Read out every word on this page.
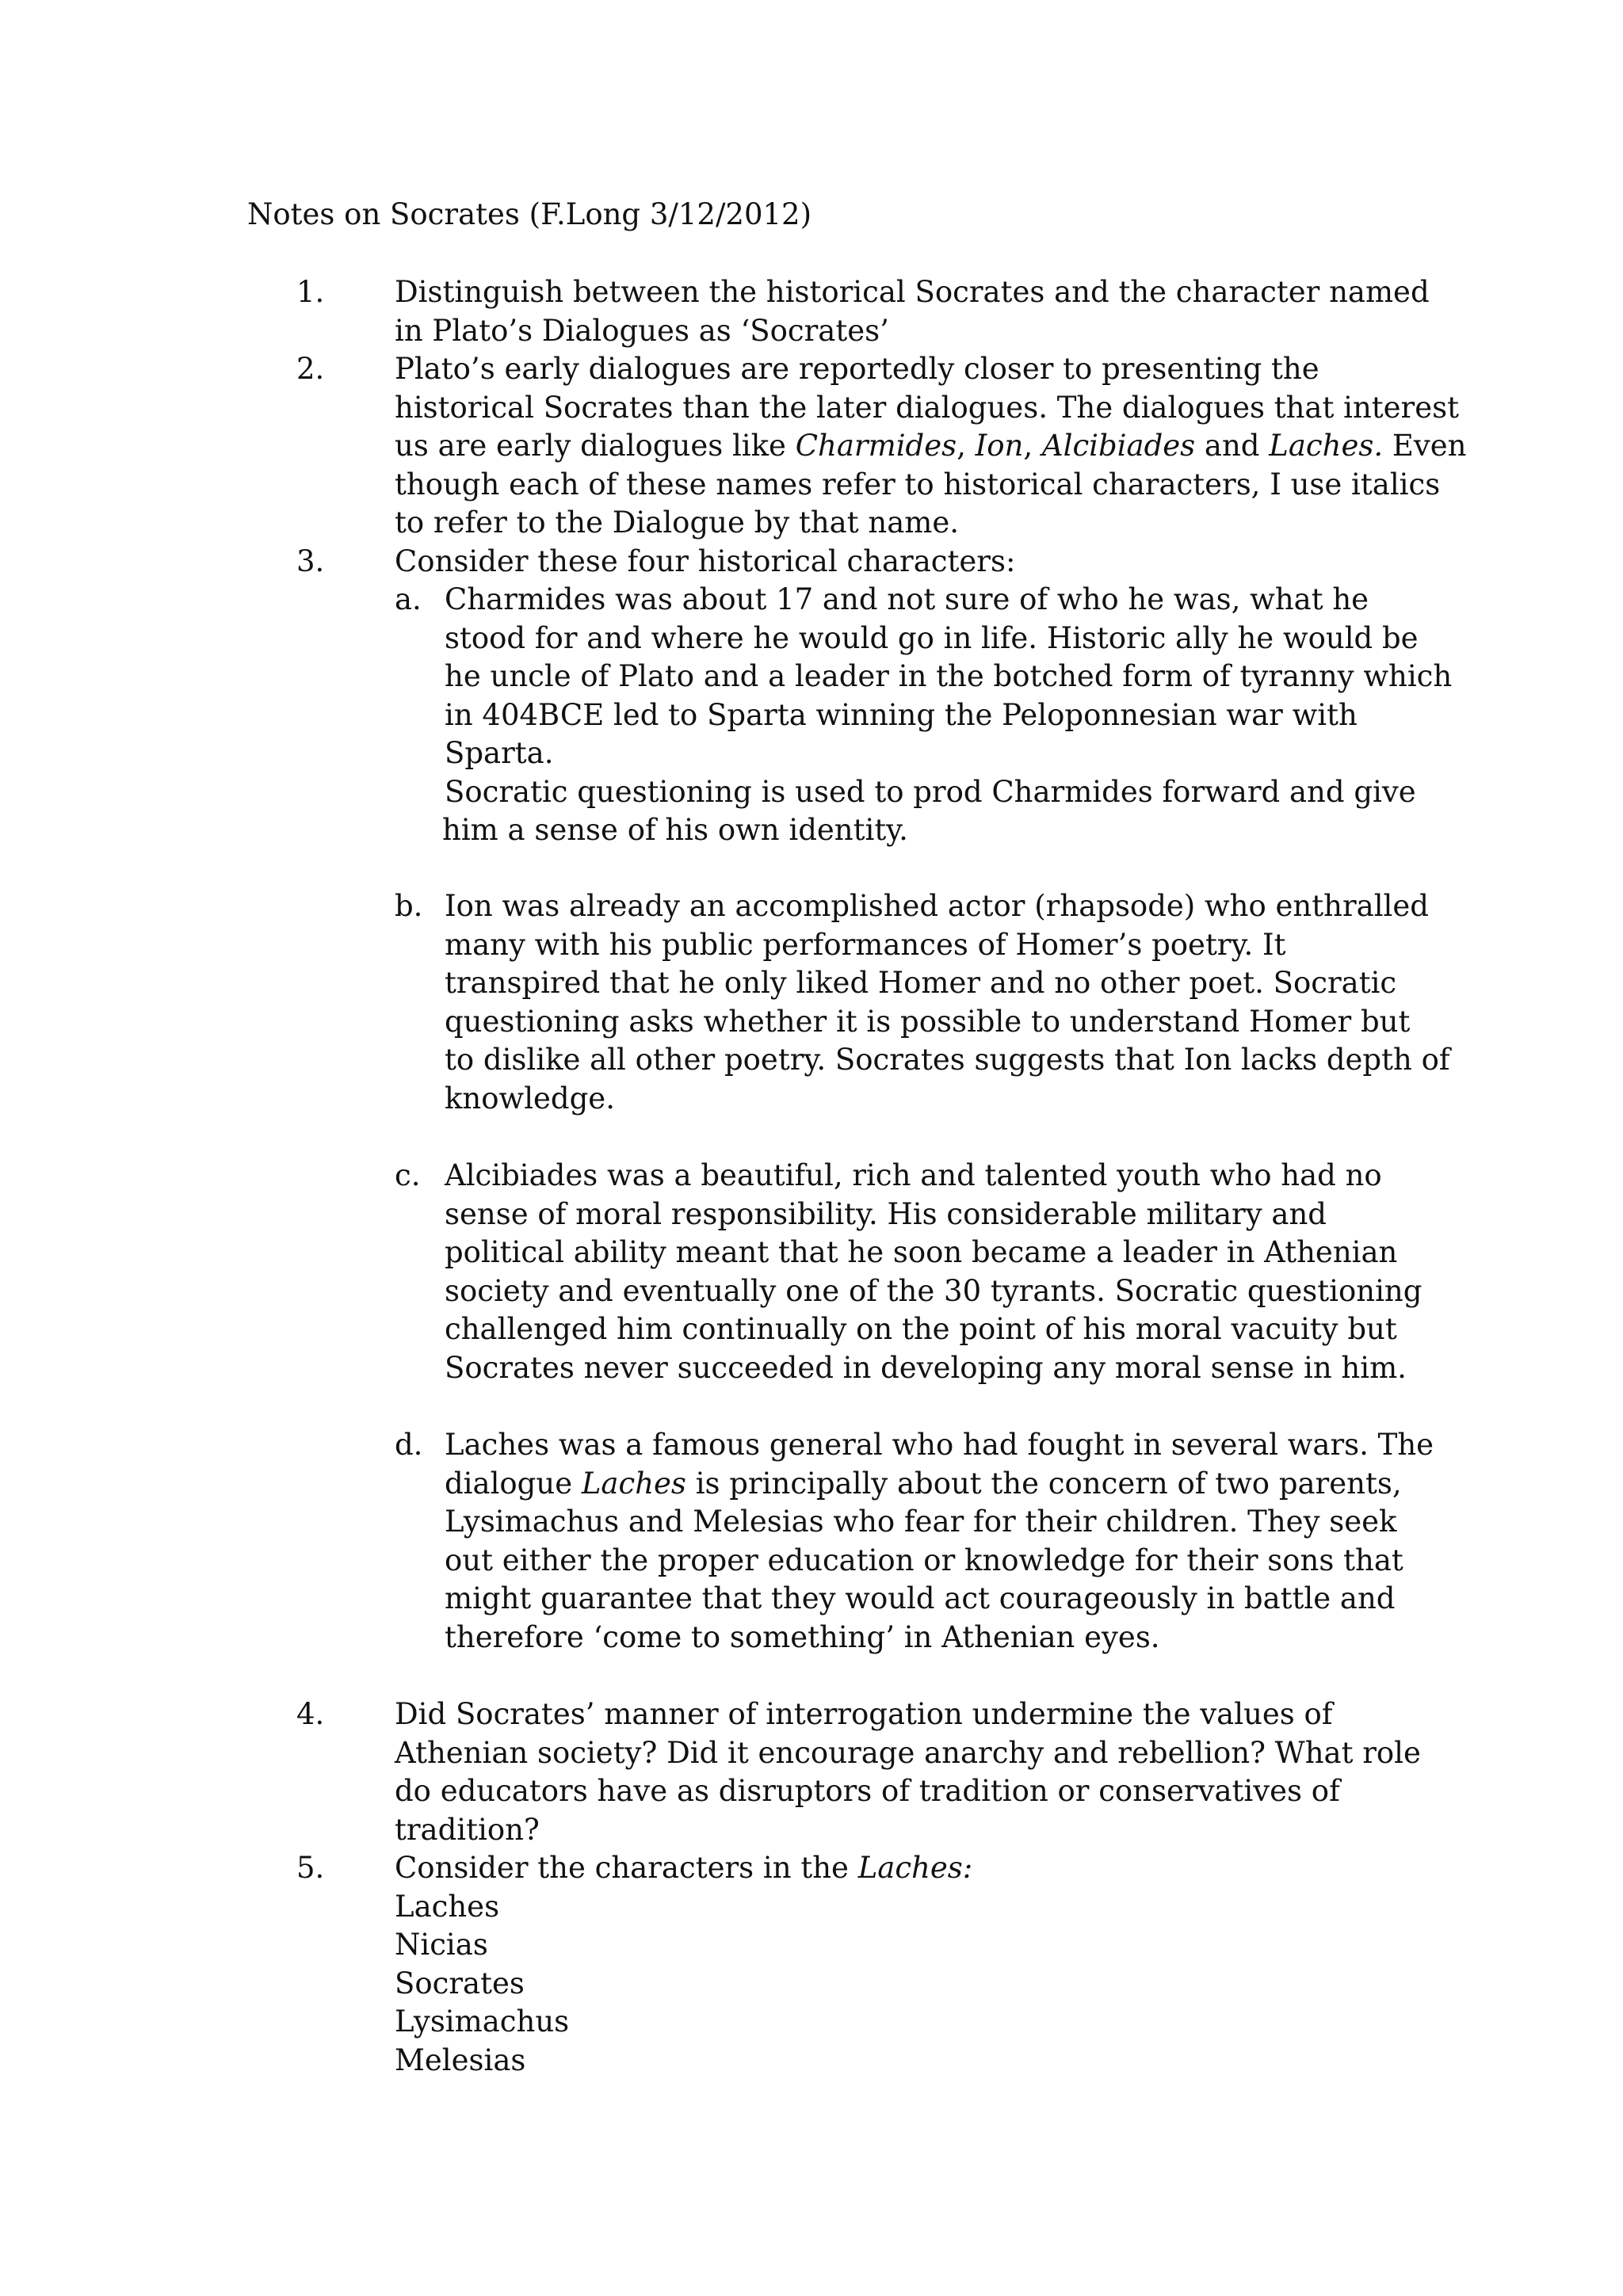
Notes on Socrates (F.Long 3/12/2012)
1. Distinguish between the historical Socrates and the character named
in Plato’s Dialogues as ‘Socrates’
2. Plato’s early dialogues are reportedly closer to presenting the
historical Socrates than the later dialogues. The dialogues that interest
us are early dialogues like Charmides, Ion, Alcibiades and Laches. Even
though each of these names refer to historical characters, I use italics
to refer to the Dialogue by that name.
3. Consider these four historical characters:
a. Charmides was about 17 and not sure of who he was, what he
stood for and where he would go in life. Historic ally he would be
he uncle of Plato and a leader in the botched form of tyranny which
in 404BCE led to Sparta winning the Peloponnesian war with
Sparta.
Socratic questioning is used to prod Charmides forward and give
him a sense of his own identity.
b. Ion was already an accomplished actor (rhapsode) who enthralled
many with his public performances of Homer’s poetry. It
transpired that he only liked Homer and no other poet. Socratic
questioning asks whether it is possible to understand Homer but
to dislike all other poetry. Socrates suggests that Ion lacks depth of
knowledge.
c. Alcibiades was a beautiful, rich and talented youth who had no
sense of moral responsibility. His considerable military and
political ability meant that he soon became a leader in Athenian
society and eventually one of the 30 tyrants. Socratic questioning
challenged him continually on the point of his moral vacuity but
Socrates never succeeded in developing any moral sense in him.
d. Laches was a famous general who had fought in several wars. The
dialogue Laches is principally about the concern of two parents,
Lysimachus and Melesias who fear for their children. They seek
out either the proper education or knowledge for their sons that
might guarantee that they would act courageously in battle and
therefore ‘come to something’ in Athenian eyes.
4. Did Socrates’ manner of interrogation undermine the values of
Athenian society? Did it encourage anarchy and rebellion? What role
do educators have as disruptors of tradition or conservatives of
tradition?
5. Consider the characters in the Laches:
Laches
Nicias
Socrates
Lysimachus
Melesias
